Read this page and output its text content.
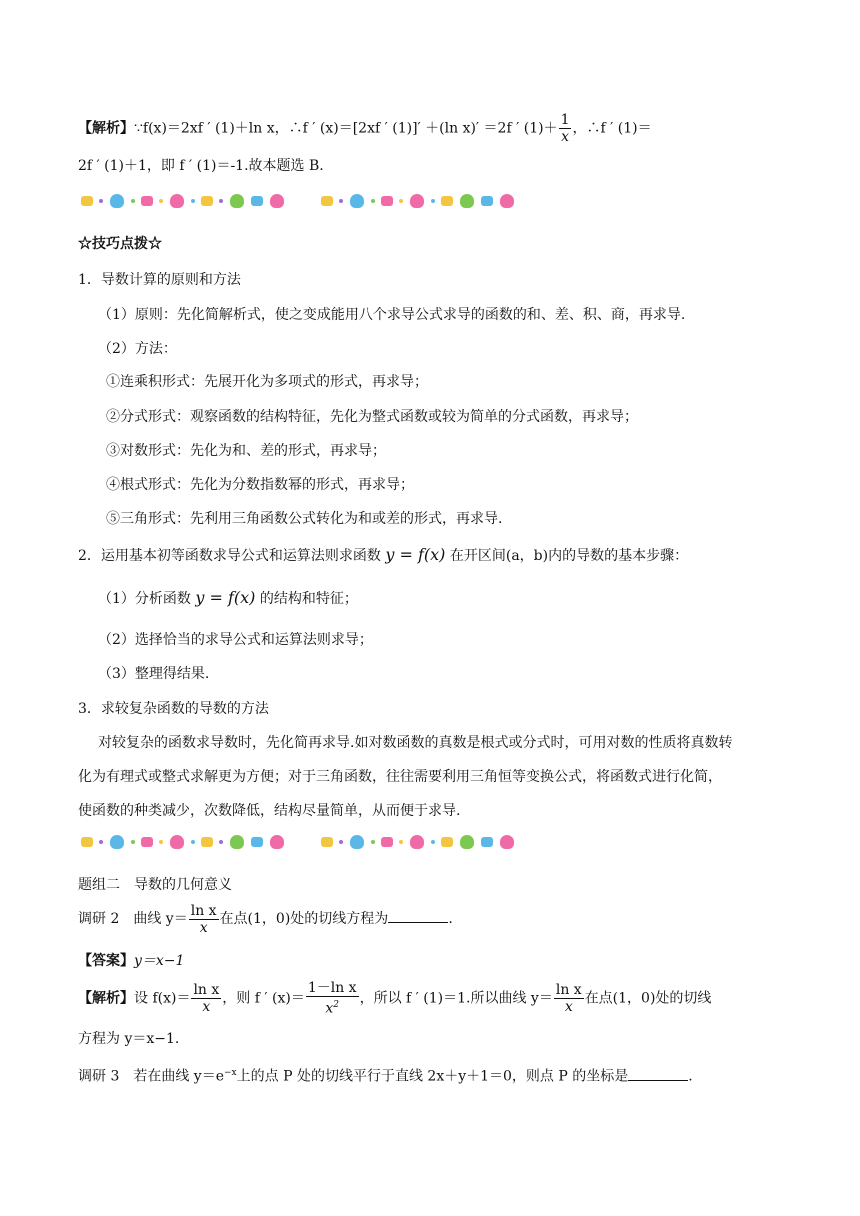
【解析】∵f(x)＝2xf ′ (1)＋ln x，∴f ′ (x)＝[2xf ′ (1)]′ ＋(ln x)′ ＝2f ′ $(1)+ \frac{1}{x}$ ，∴f ′ (1)＝
2f ′ (1)＋1，即 f ′ (1)＝-1.故本题选 B.
☆技巧点拨☆
1．导数计算的原则和方法
（1）原则：先化简解析式，使之变成能用八个求导公式求导的函数的和、差、积、商，再求导.
（2）方法：
①连乘积形式：先展开化为多项式的形式，再求导；
②分式形式：观察函数的结构特征，先化为整式函数或较为简单的分式函数，再求导；
③对数形式：先化为和、差的形式，再求导；
④根式形式：先化为分数指数幂的形式，再求导；
⑤三角形式：先利用三角函数公式转化为和或差的形式，再求导.
2．运用基本初等函数求导公式和运算法则求函数 y = f(x) 在开区间(a，b)内的导数的基本步骤：
（1）分析函数 y = f(x) 的结构和特征；
（2）选择恰当的求导公式和运算法则求导；
（3）整理得结果.
3．求较复杂函数的导数的方法
对较复杂的函数求导数时，先化简再求导.如对数函数的真数是根式或分式时，可用对数的性质将真数转
化为有理式或整式求解更为方便；对于三角函数，往往需要利用三角恒等变换公式，将函数式进行化简，
使函数的种类减少，次数降低，结构尽量简单，从而便于求导.
题组二　导数的几何意义
调研 2　曲线 $y= \frac{\text{ln x}}{x}$ 在点(1，0)处的切线方程为	.
【答案】y＝x−1
【解析】设 $f(x)= \frac{\text{ln x}}{x}$ ，则 f ′ $(x)= \frac{\text{1－ln x}}{x^2}$ ，所以 f ′ (1)＝1.所以曲线 $y= \frac{\text{ln x}}{x}$ 在点(1，0)处的切线
方程为 y＝x−1.
调研 3　若在曲线 $y=e^{-x}$上的点 P 处的切线平行于直线 2x＋y＋1＝0，则点 P 的坐标是	.
